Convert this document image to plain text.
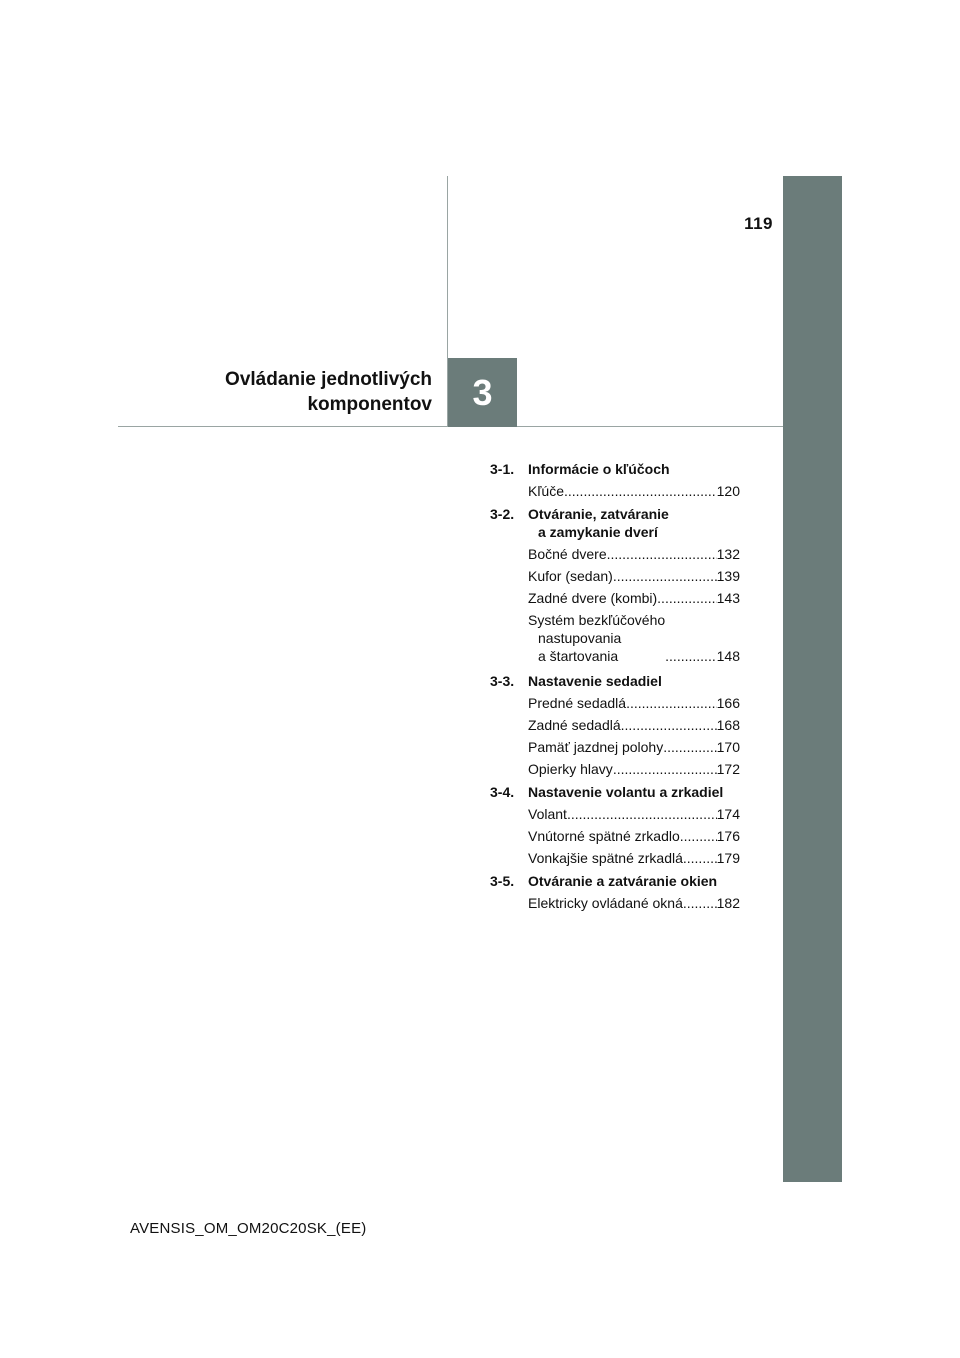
119
Ovládanie jednotlivých
komponentov 3
3-1. Informácie o kľúčoch
Kľúče .....	120
3-2. Otváranie, zatváranie
a zamykanie dverí
Bočné dvere .....	132
Kufor (sedan) .....	139
Zadné dvere (kombi) .....	143
Systém bezkľúčového
nastupovania
a štartovania .....	148
3-3. Nastavenie sedadiel
Predné sedadlá .....	166
Zadné sedadlá .....	168
Pamäť jazdnej polohy .....	170
Opierky hlavy .....	172
3-4. Nastavenie volantu a zrkadiel
Volant .....	174
Vnútorné spätné zrkadlo .....	176
Vonkajšie spätné zrkadlá ..... 179
3-5. Otváranie a zatváranie okien
Elektricky ovládané okná ..... 182
AVENSIS_OM_OM20C20SK_(EE)
